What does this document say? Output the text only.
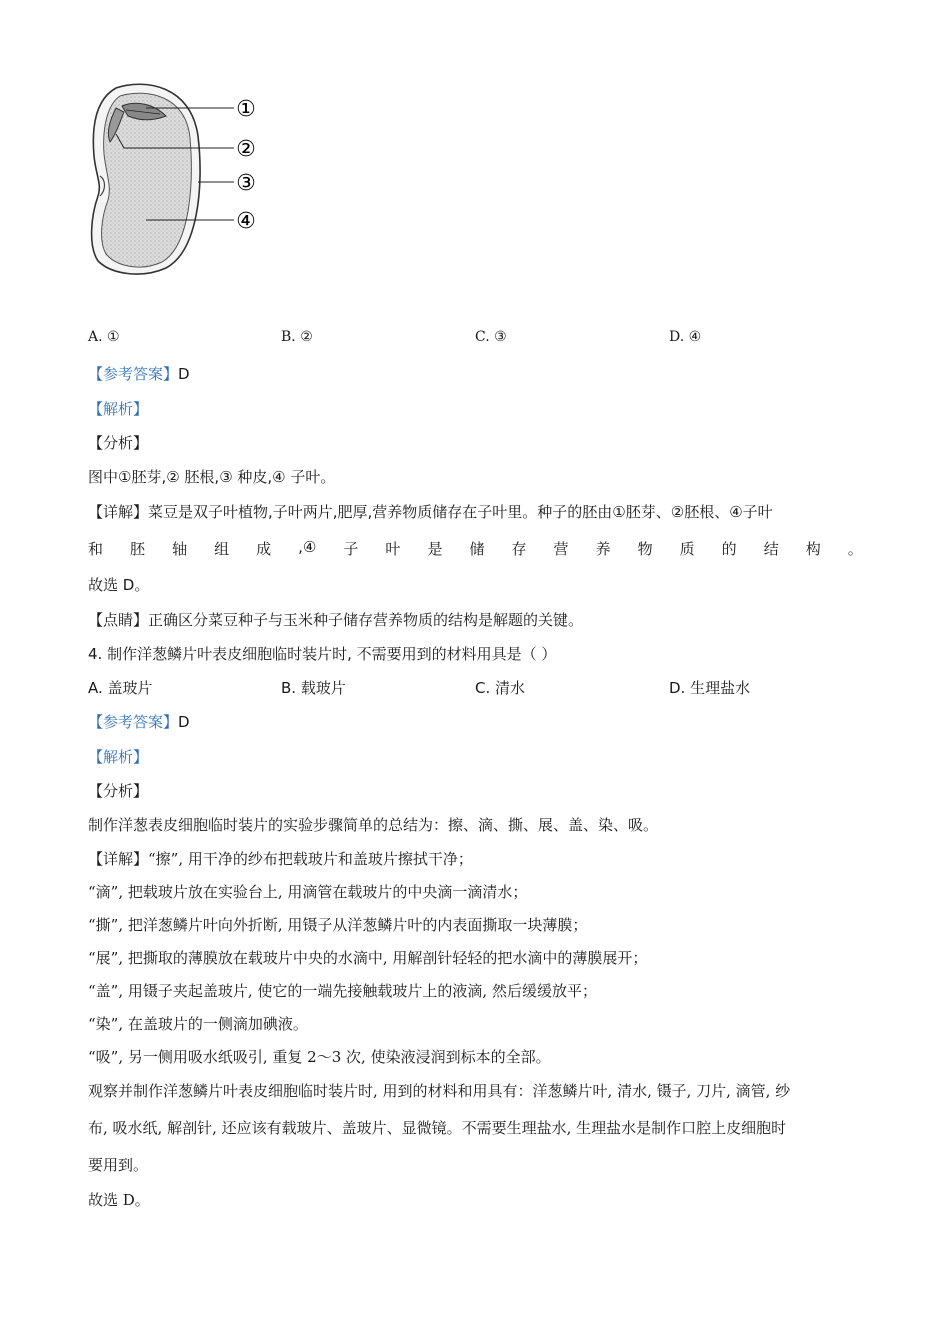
①
②
③
④
A. ①	B. ②	C. ③	D. ④
【参考答案】D
【解析】
【分析】
图中①胚芽,② 胚根,③ 种皮,④ 子叶。
【详解】菜豆是双子叶植物,子叶两片,肥厚,营养物质储存在子叶里。种子的胚由①胚芽、②胚根、④子叶
和 胚 轴 组 成 ,④ 子 叶 是 储 存 营 养 物 质 的 结 构 。
故选 D。
【点睛】正确区分菜豆种子与玉米种子储存营养物质的结构是解题的关键。
4. 制作洋葱鳞片叶表皮细胞临时装片时, 不需要用到的材料用具是（ ）
A. 盖玻片	B. 载玻片	C. 清水	D. 生理盐水
【参考答案】D
【解析】
【分析】
制作洋葱表皮细胞临时装片的实验步骤简单的总结为：擦、滴、撕、展、盖、染、吸。
【详解】“擦”, 用干净的纱布把载玻片和盖玻片擦拭干净；
“滴”, 把载玻片放在实验台上, 用滴管在载玻片的中央滴一滴清水；
“撕”, 把洋葱鳞片叶向外折断, 用镊子从洋葱鳞片叶的内表面撕取一块薄膜；
“展”, 把撕取的薄膜放在载玻片中央的水滴中, 用解剖针轻轻的把水滴中的薄膜展开；
“盖”, 用镊子夹起盖玻片, 使它的一端先接触载玻片上的液滴, 然后缓缓放平；
“染”, 在盖玻片的一侧滴加碘液。
“吸”, 另一侧用吸水纸吸引, 重复 2～3 次, 使染液浸润到标本的全部。
观察并制作洋葱鳞片叶表皮细胞临时装片时, 用到的材料和用具有：洋葱鳞片叶, 清水, 镊子, 刀片, 滴管, 纱
布, 吸水纸, 解剖针, 还应该有载玻片、盖玻片、显微镜。不需要生理盐水, 生理盐水是制作口腔上皮细胞时
要用到。
故选 D。
